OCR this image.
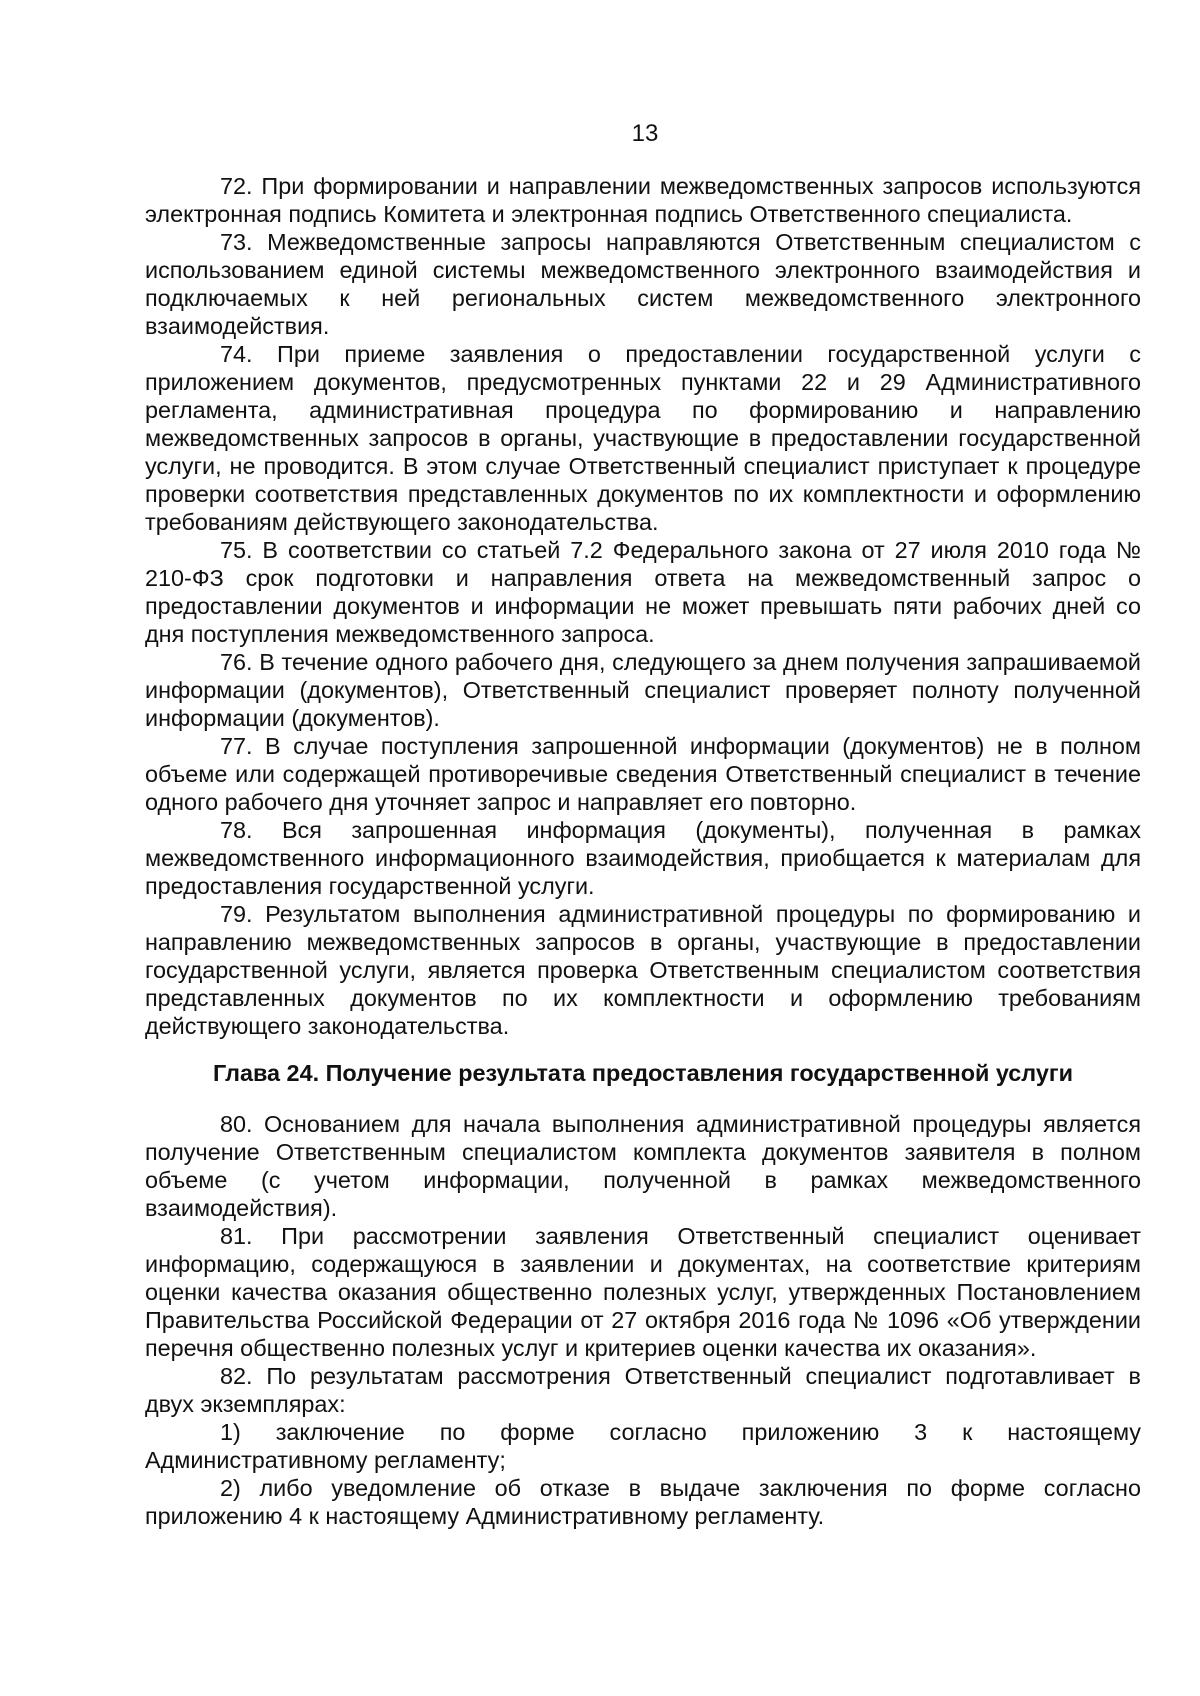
13

72. При формировании и направлении межведомственных запросов используются электронная подпись Комитета и электронная подпись Ответственного специалиста.

73. Межведомственные запросы направляются Ответственным специалистом с использованием единой системы межведомственного электронного взаимодействия и подключаемых к ней региональных систем межведомственного электронного взаимодействия.

74. При приеме заявления о предоставлении государственной услуги с приложением документов, предусмотренных пунктами 22 и 29 Административного регламента, административная процедура по формированию и направлению межведомственных запросов в органы, участвующие в предоставлении государственной услуги, не проводится. В этом случае Ответственный специалист приступает к процедуре проверки соответствия представленных документов по их комплектности и оформлению требованиям действующего законодательства.

75. В соответствии со статьей 7.2 Федерального закона от 27 июля 2010 года № 210-ФЗ срок подготовки и направления ответа на межведомственный запрос о предоставлении документов и информации не может превышать пяти рабочих дней со дня поступления межведомственного запроса.

76. В течение одного рабочего дня, следующего за днем получения запрашиваемой информации (документов), Ответственный специалист проверяет полноту полученной информации (документов).

77. В случае поступления запрошенной информации (документов) не в полном объеме или содержащей противоречивые сведения Ответственный специалист в течение одного рабочего дня уточняет запрос и направляет его повторно.

78. Вся запрошенная информация (документы), полученная в рамках межведомственного информационного взаимодействия, приобщается к материалам для предоставления государственной услуги.

79. Результатом выполнения административной процедуры по формированию и направлению межведомственных запросов в органы, участвующие в предоставлении государственной услуги, является проверка Ответственным специалистом соответствия представленных документов по их комплектности и оформлению требованиям действующего законодательства.

Глава 24. Получение результата предоставления государственной услуги

80. Основанием для начала выполнения административной процедуры является получение Ответственным специалистом комплекта документов заявителя в полном объеме (с учетом информации, полученной в рамках межведомственного взаимодействия).

81. При рассмотрении заявления Ответственный специалист оценивает информацию, содержащуюся в заявлении и документах, на соответствие критериям оценки качества оказания общественно полезных услуг, утвержденных Постановлением Правительства Российской Федерации от 27 октября 2016 года № 1096 «Об утверждении перечня общественно полезных услуг и критериев оценки качества их оказания».

82. По результатам рассмотрения Ответственный специалист подготавливает в двух экземплярах:

1) заключение по форме согласно приложению 3 к настоящему Административному регламенту;

2) либо уведомление об отказе в выдаче заключения по форме согласно приложению 4 к настоящему Административному регламенту.
